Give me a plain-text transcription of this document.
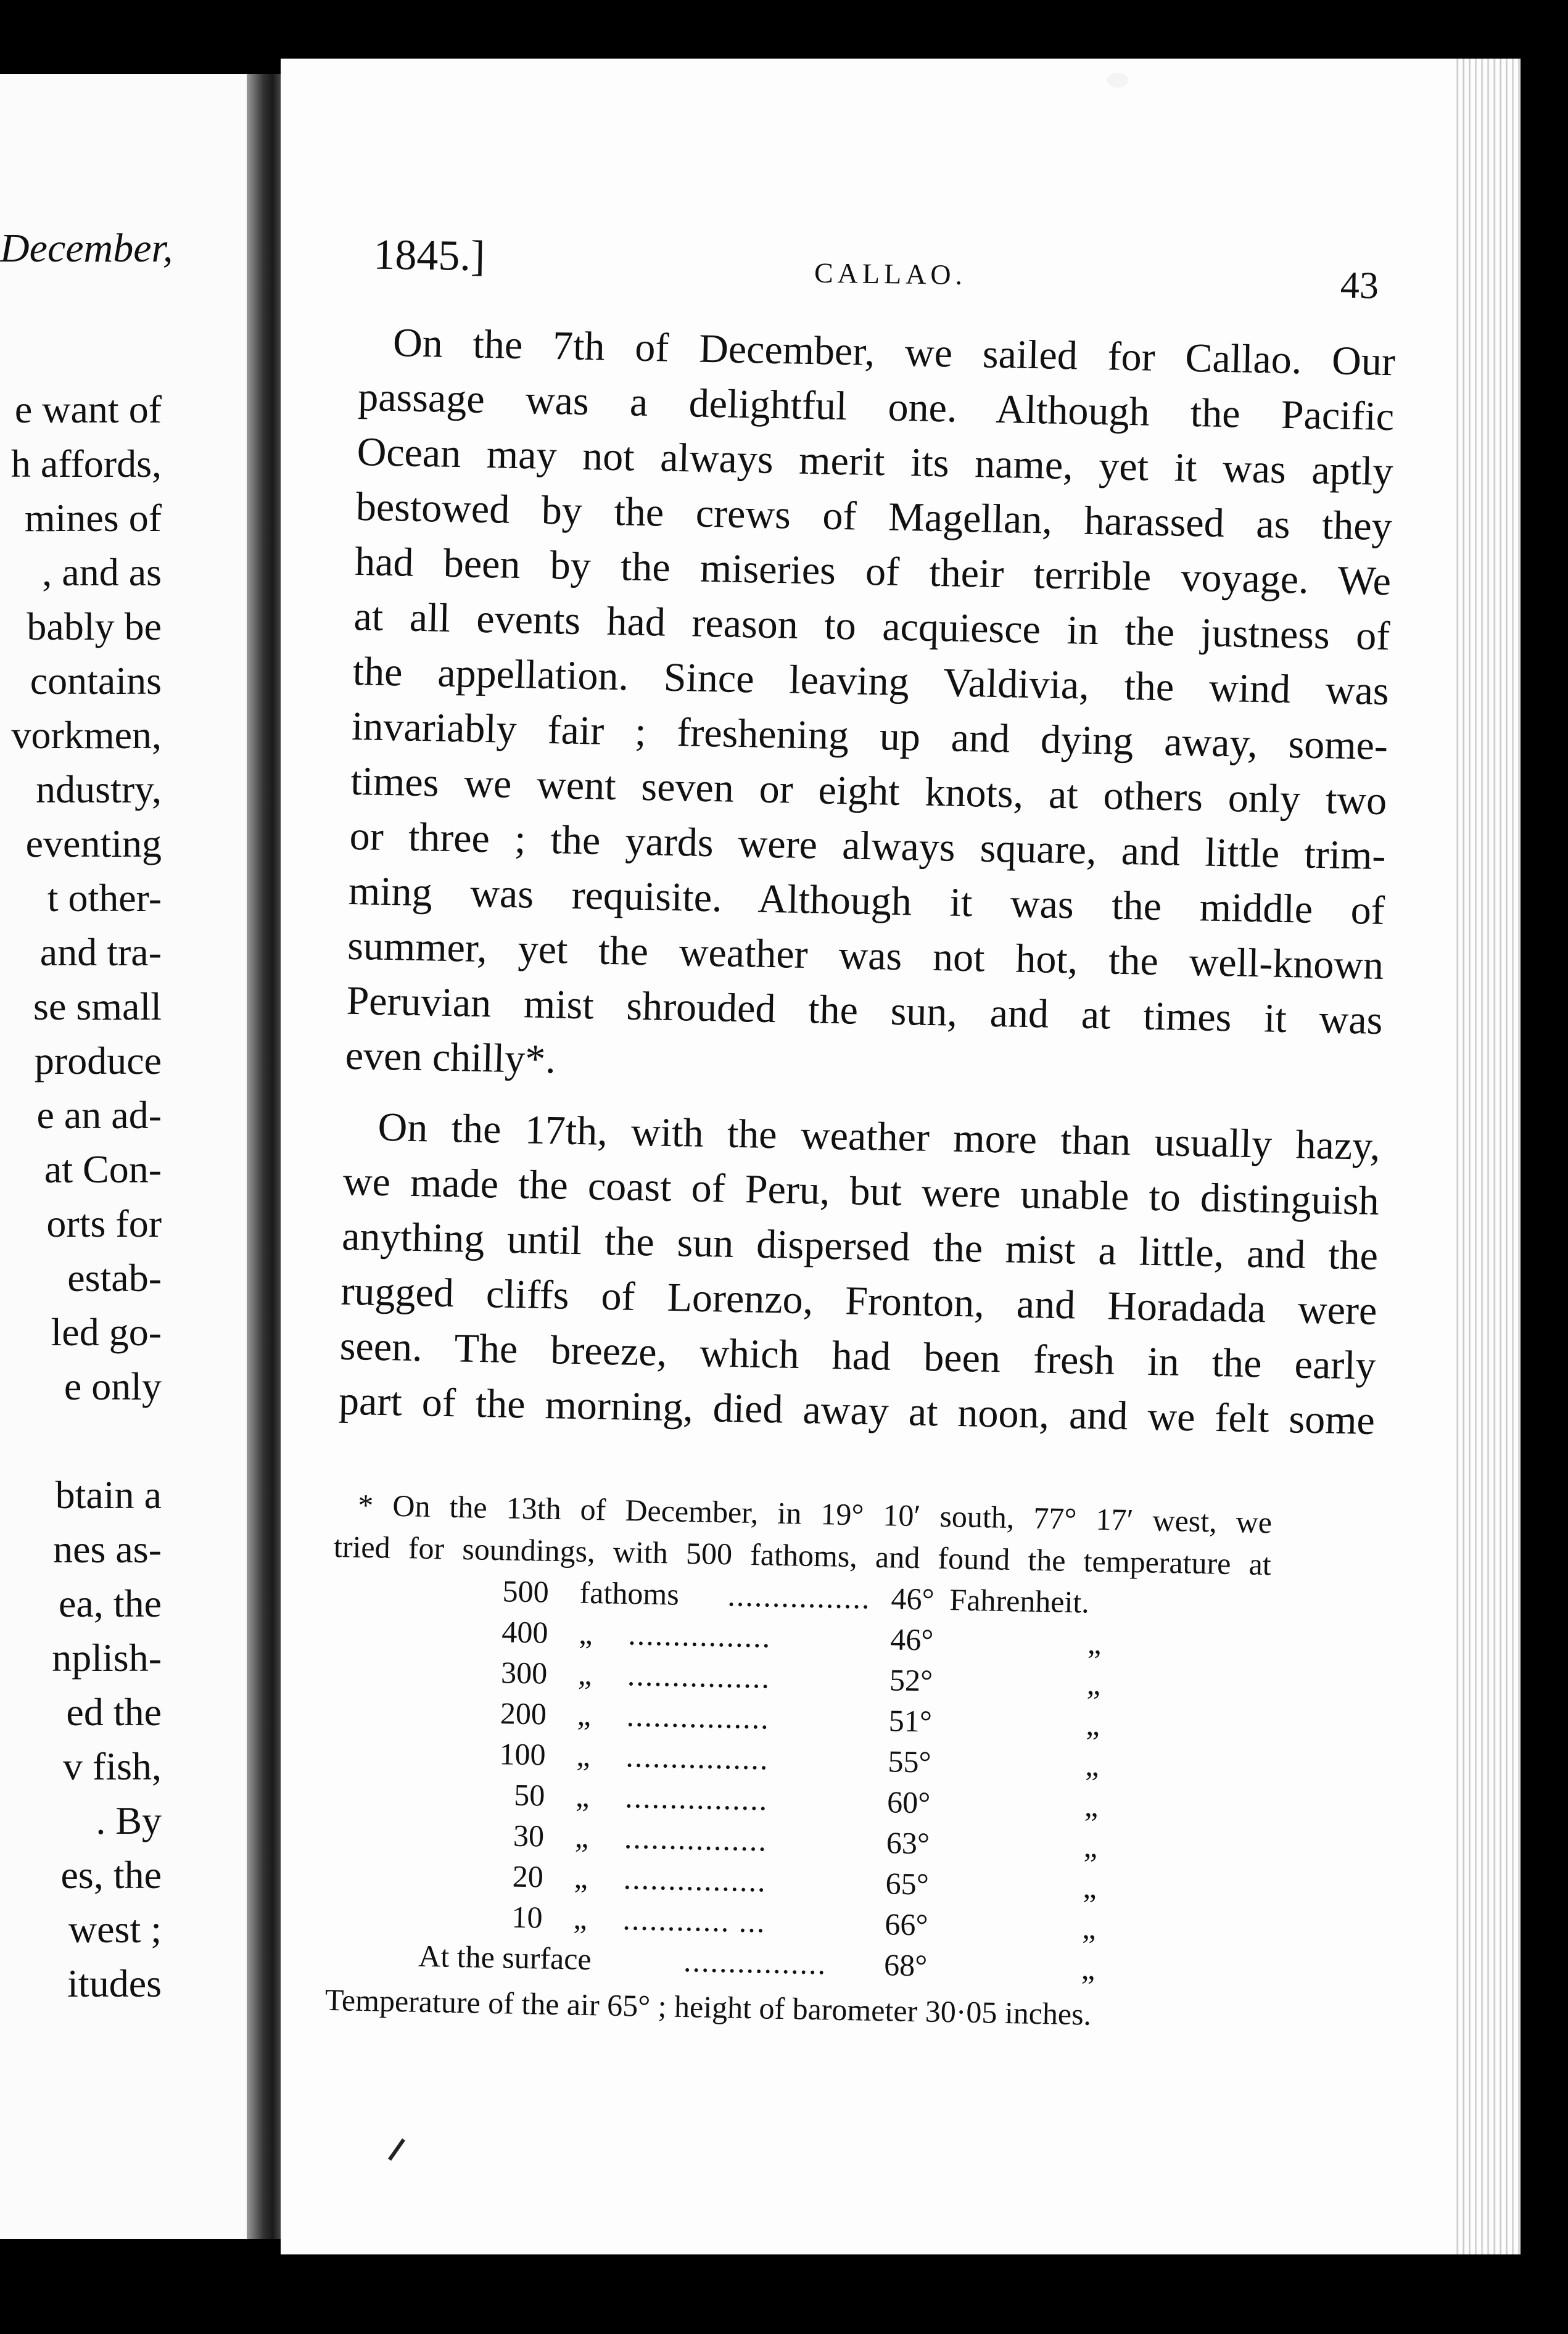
December,
e want of
h affords,
mines of
, and as
bably be
contains
vorkmen,
ndustry,
eventing
t other-
and tra-
se small
produce
e an ad-
at Con-
orts for
estab-
led go-
e only
btain a
nes as-
ea, the
nplish-
ed the
v fish,
. By
es, the
west ;
itudes
1845.]	CALLAO.	43
On the 7th of December, we sailed for Callao. Our
passage was a delightful one. Although the Pacific
Ocean may not always merit its name, yet it was aptly
bestowed by the crews of Magellan, harassed as they
had been by the miseries of their terrible voyage. We
at all events had reason to acquiesce in the justness of
the appellation. Since leaving Valdivia, the wind was
invariably fair ; freshening up and dying away, some-
times we went seven or eight knots, at others only two
or three ; the yards were always square, and little trim-
ming was requisite. Although it was the middle of
summer, yet the weather was not hot, the well-known
Peruvian mist shrouded the sun, and at times it was
even chilly*.
On the 17th, with the weather more than usually hazy,
we made the coast of Peru, but were unable to distinguish
anything until the sun dispersed the mist a little, and the
rugged cliffs of Lorenzo, Fronton, and Horadada were
seen. The breeze, which had been fresh in the early
part of the morning, died away at noon, and we felt some
* On the 13th of December, in 19° 10′ south, 77° 17′ west, we
tried for soundings, with 500 fathoms, and found the temperature at
500 fathoms ................ 46° Fahrenheit.
400 „ ................	46°	„
300 „ ................	52°	„
200 „ ................	51°	„
100 „ ................	55°	„
50 „ ................	60°	„
30 „ ................	63°	„
20 „ ................	65°	„
10 „ ............ ...	66°	„
At the surface	................	68°	„
Temperature of the air 65° ; height of barometer 30·05 inches.
